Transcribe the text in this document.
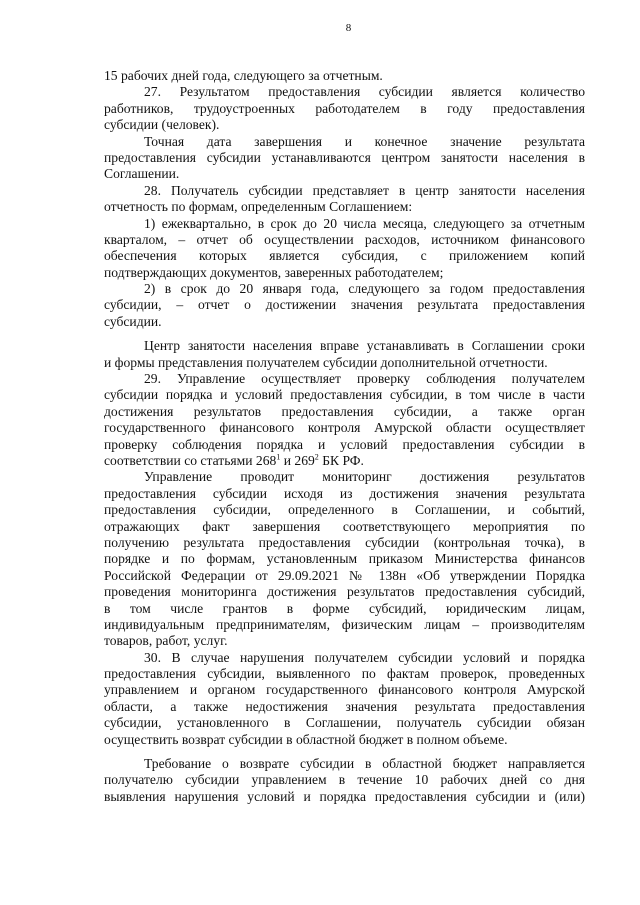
8
15 рабочих дней года, следующего за отчетным.
27. Результатом предоставления субсидии является количество
работников, трудоустроенных работодателем в году предоставления
субсидии (человек).
Точная дата завершения и конечное значение результата
предоставления субсидии устанавливаются центром занятости населения в
Соглашении.
28. Получатель субсидии представляет в центр занятости населения
отчетность по формам, определенным Соглашением:
1) ежеквартально, в срок до 20 числа месяца, следующего за отчетным
кварталом, – отчет об осуществлении расходов, источником финансового
обеспечения которых является субсидия, с приложением копий
подтверждающих документов, заверенных работодателем;
2) в срок до 20 января года, следующего за годом предоставления
субсидии, – отчет о достижении значения результата предоставления
субсидии.
Центр занятости населения вправе устанавливать в Соглашении сроки
и формы представления получателем субсидии дополнительной отчетности.
29. Управление осуществляет проверку соблюдения получателем
субсидии порядка и условий предоставления субсидии, в том числе в части
достижения результатов предоставления субсидии, а также орган
государственного финансового контроля Амурской области осуществляет
проверку соблюдения порядка и условий предоставления субсидии в
соответствии со статьями $268^1$ и $269^2$ БК РФ.
Управление проводит мониторинг достижения результатов
предоставления субсидии исходя из достижения значения результата
предоставления субсидии, определенного в Соглашении, и событий,
отражающих факт завершения соответствующего мероприятия по
получению результата предоставления субсидии (контрольная точка), в
порядке и по формам, установленным приказом Министерства финансов
Российской Федерации от 29.09.2021 № 138н «Об утверждении Порядка
проведения мониторинга достижения результатов предоставления субсидий,
в том числе грантов в форме субсидий, юридическим лицам,
индивидуальным предпринимателям, физическим лицам – производителям
товаров, работ, услуг.
30. В случае нарушения получателем субсидии условий и порядка
предоставления субсидии, выявленного по фактам проверок, проведенных
управлением и органом государственного финансового контроля Амурской
области, а также недостижения значения результата предоставления
субсидии, установленного в Соглашении, получатель субсидии обязан
осуществить возврат субсидии в областной бюджет в полном объеме.
Требование о возврате субсидии в областной бюджет направляется
получателю субсидии управлением в течение 10 рабочих дней со дня
выявления нарушения условий и порядка предоставления субсидии и (или)
